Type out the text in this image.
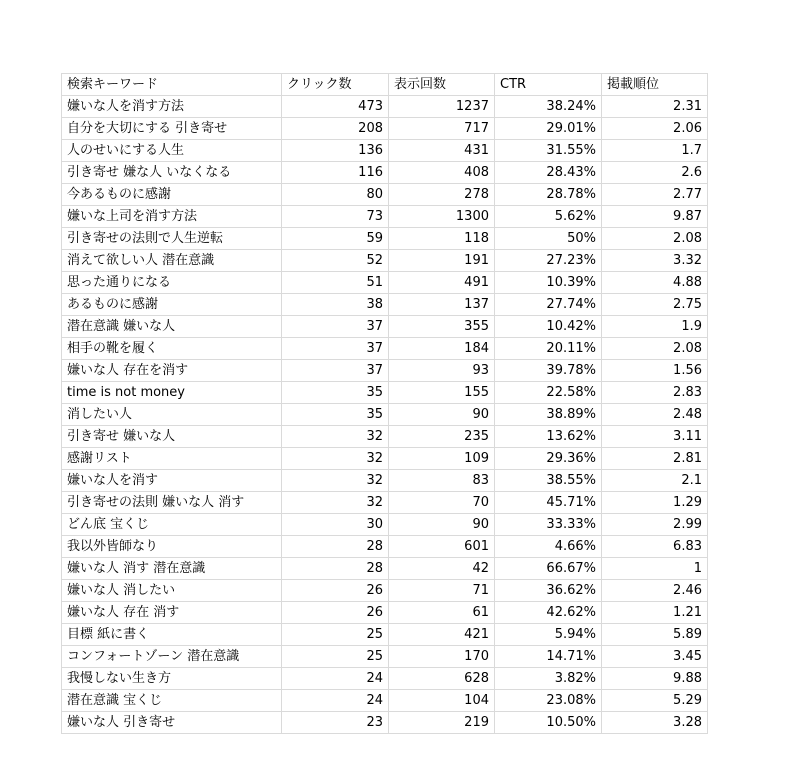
検索キーワード	クリック数	表示回数	CTR	掲載順位
嫌いな人を消す方法	473	1237	38.24%	2.31
自分を大切にする 引き寄せ	208	717	29.01%	2.06
人のせいにする人生	136	431	31.55%	1.7
引き寄せ 嫌な人 いなくなる	116	408	28.43%	2.6
今あるものに感謝	80	278	28.78%	2.77
嫌いな上司を消す方法	73	1300	5.62%	9.87
引き寄せの法則で人生逆転	59	118	50%	2.08
消えて欲しい人 潜在意識	52	191	27.23%	3.32
思った通りになる	51	491	10.39%	4.88
あるものに感謝	38	137	27.74%	2.75
潜在意識 嫌いな人	37	355	10.42%	1.9
相手の靴を履く	37	184	20.11%	2.08
嫌いな人 存在を消す	37	93	39.78%	1.56
time is not money	35	155	22.58%	2.83
消したい人	35	90	38.89%	2.48
引き寄せ 嫌いな人	32	235	13.62%	3.11
感謝リスト	32	109	29.36%	2.81
嫌いな人を消す	32	83	38.55%	2.1
引き寄せの法則 嫌いな人 消す	32	70	45.71%	1.29
どん底 宝くじ	30	90	33.33%	2.99
我以外皆師なり	28	601	4.66%	6.83
嫌いな人 消す 潜在意識	28	42	66.67%	1
嫌いな人 消したい	26	71	36.62%	2.46
嫌いな人 存在 消す	26	61	42.62%	1.21
目標 紙に書く	25	421	5.94%	5.89
コンフォートゾーン 潜在意識	25	170	14.71%	3.45
我慢しない生き方	24	628	3.82%	9.88
潜在意識 宝くじ	24	104	23.08%	5.29
嫌いな人 引き寄せ	23	219	10.50%	3.28
